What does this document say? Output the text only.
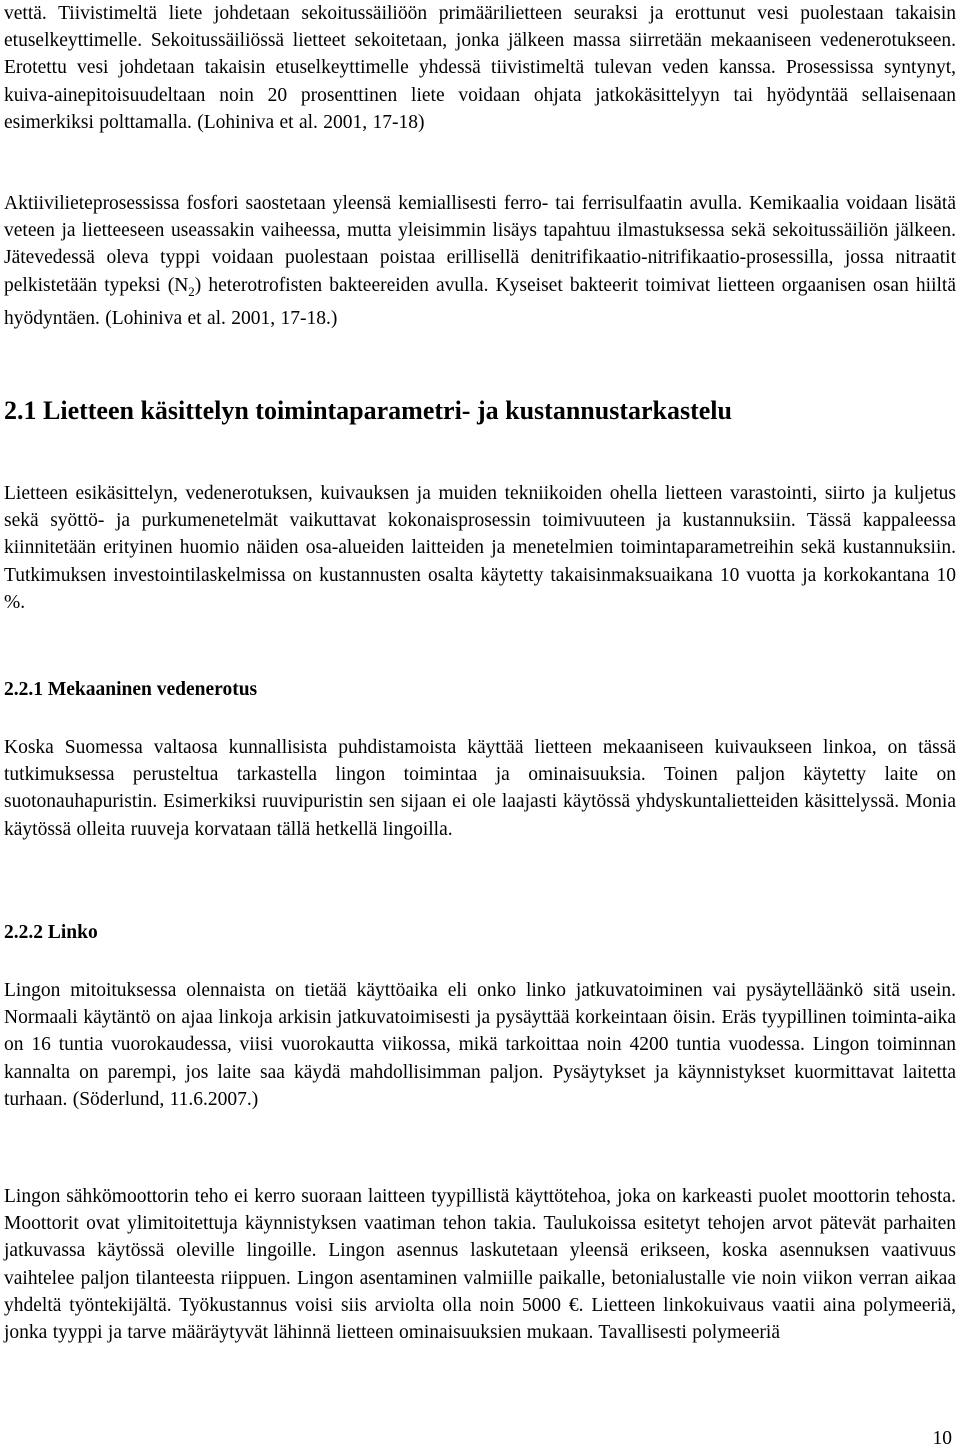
vettä. Tiivistimeltä liete johdetaan sekoitussäiliöön primäärilietteen seuraksi ja erottunut vesi puolestaan takaisin etuselkeyttimelle. Sekoitussäiliössä lietteet sekoitetaan, jonka jälkeen massa siirretään mekaaniseen vedenerotukseen. Erotettu vesi johdetaan takaisin etuselkeyttimelle yhdessä tiivistimeltä tulevan veden kanssa. Prosessissa syntynyt, kuiva-ainepitoisuudeltaan noin 20 prosenttinen liete voidaan ohjata jatkokäsittelyyn tai hyödyntää sellaisenaan esimerkiksi polttamalla. (Lohiniva et al. 2001, 17-18)

Aktiivilieteprosessissa fosfori saostetaan yleensä kemiallisesti ferro- tai ferrisulfaatin avulla. Kemikaalia voidaan lisätä veteen ja lietteeseen useassakin vaiheessa, mutta yleisimmin lisäys tapahtuu ilmastuksessa sekä sekoitussäiliön jälkeen. Jätevedessä oleva typpi voidaan puolestaan poistaa erillisellä denitrifikaatio-nitrifikaatio-prosessilla, jossa nitraatit pelkistetään typeksi $(N_2)$ heterotrofisten bakteereiden avulla. Kyseiset bakteerit toimivat lietteen orgaanisen osan hiiltä hyödyntäen. (Lohiniva et al. 2001, 17-18.)

2.1 Lietteen käsittelyn toimintaparametri- ja kustannustarkastelu

Lietteen esikäsittelyn, vedenerotuksen, kuivauksen ja muiden tekniikoiden ohella lietteen varastointi, siirto ja kuljetus sekä syöttö- ja purkumenetelmät vaikuttavat kokonaisprosessin toimivuuteen ja kustannuksiin. Tässä kappaleessa kiinnitetään erityinen huomio näiden osa-alueiden laitteiden ja menetelmien toimintaparametreihin sekä kustannuksiin. Tutkimuksen investointilaskelmissa on kustannusten osalta käytetty takaisinmaksuaikana 10 vuotta ja korkokantana 10 %.

2.2.1 Mekaaninen vedenerotus

Koska Suomessa valtaosa kunnallisista puhdistamoista käyttää lietteen mekaaniseen kuivaukseen linkoa, on tässä tutkimuksessa perusteltua tarkastella lingon toimintaa ja ominaisuuksia. Toinen paljon käytetty laite on suotonauhapuristin. Esimerkiksi ruuvipuristin sen sijaan ei ole laajasti käytössä yhdyskuntalietteiden käsittelyssä. Monia käytössä olleita ruuveja korvataan tällä hetkellä lingoilla.

2.2.2 Linko

Lingon mitoituksessa olennaista on tietää käyttöaika eli onko linko jatkuvatoiminen vai pysäytelläänkö sitä usein. Normaali käytäntö on ajaa linkoja arkisin jatkuvatoimisesti ja pysäyttää korkeintaan öisin. Eräs tyypillinen toiminta-aika on 16 tuntia vuorokaudessa, viisi vuorokautta viikossa, mikä tarkoittaa noin 4200 tuntia vuodessa. Lingon toiminnan kannalta on parempi, jos laite saa käydä mahdollisimman paljon. Pysäytykset ja käynnistykset kuormittavat laitetta turhaan. (Söderlund, 11.6.2007.)

Lingon sähkömoottorin teho ei kerro suoraan laitteen tyypillistä käyttötehoa, joka on karkeasti puolet moottorin tehosta. Moottorit ovat ylimitoitettuja käynnistyksen vaatiman tehon takia. Taulukoissa esitetyt tehojen arvot pätevät parhaiten jatkuvassa käytössä oleville lingoille. Lingon asennus laskutetaan yleensä erikseen, koska asennuksen vaativuus vaihtelee paljon tilanteesta riippuen. Lingon asentaminen valmiille paikalle, betonialustalle vie noin viikon verran aikaa yhdeltä työntekijältä. Työkustannus voisi siis arviolta olla noin 5000 €. Lietteen linkokuivaus vaatii aina polymeeriä, jonka tyyppi ja tarve määräytyvät lähinnä lietteen ominaisuuksien mukaan. Tavallisesti polymeeriä

10
